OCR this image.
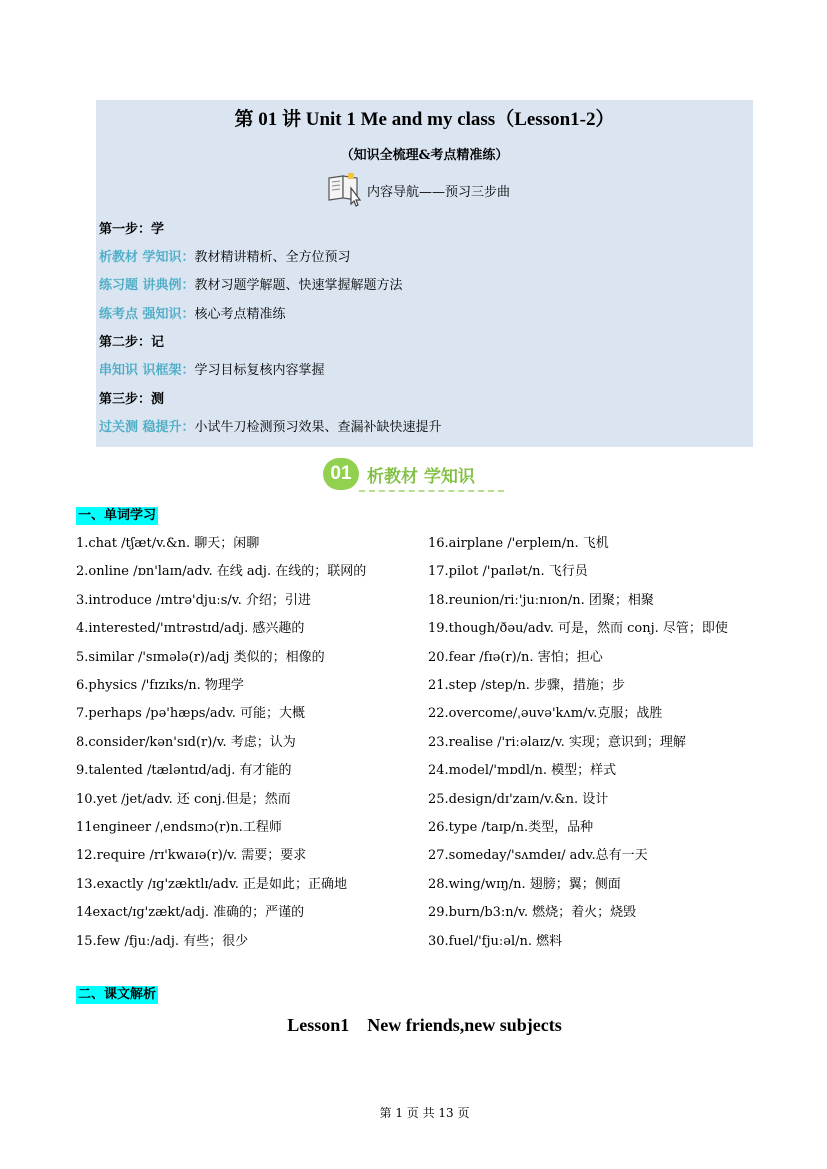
第 01 讲 Unit 1 Me and my class（Lesson1-2）
（知识全梳理&考点精准练）
内容导航——预习三步曲
第一步：学
析教材 学知识：教材精讲精析、全方位预习
练习题 讲典例：教材习题学解题、快速掌握解题方法
练考点 强知识：核心考点精准练
第二步：记
串知识 识框架：学习目标复核内容掌握
第三步：测
过关测 稳提升：小试牛刀检测预习效果、查漏补缺快速提升
01 析教材 学知识
一、单词学习
1.chat /tʃæt/v.&n. 聊天；闲聊
2.online /ɒn'laɪn/adv. 在线 adj. 在线的；联网的
3.introduce /ɪntrə'djuːs/v. 介绍；引进
4.interested/'ɪntrəstɪd/adj. 感兴趣的
5.similar /'sɪmələ(r)/adj 类似的；相像的
6.physics /'fɪzɪks/n. 物理学
7.perhaps /pə'hæps/adv. 可能；大概
8.consider/kən'sɪd(r)/v. 考虑；认为
9.talented /tæləntɪd/adj. 有才能的
10.yet /jet/adv. 还 conj.但是；然而
11engineer /ˌendsɪnɔ(r)n.工程师
12.require /rɪ'kwaɪə(r)/v. 需要；要求
13.exactly /ɪg'zæktlɪ/adv. 正是如此；正确地
14exact/ɪg'zækt/adj. 准确的；严谨的
15.few /fjuː/adj. 有些；很少
16.airplane /'erpleɪn/n. 飞机
17.pilot /'paɪlət/n. 飞行员
18.reunion/riː'juːnɪon/n. 团聚；相聚
19.though/ðəu/adv. 可是，然而 conj. 尽管；即使
20.fear /fɪə(r)/n. 害怕；担心
21.step /step/n. 步骤，措施；步
22.overcome/ˌəuvə'kʌm/v.克服；战胜
23.realise /'riːəlaɪz/v. 实现；意识到；理解
24.model/'mɒdl/n. 模型；样式
25.design/dɪ'zaɪn/v.&n. 设计
26.type /taɪp/n.类型，品种
27.someday/'sʌmdeɪ/ adv.总有一天
28.wing/wɪŋ/n. 翅膀；翼；侧面
29.burn/b3:n/v. 燃烧；着火；烧毁
30.fuel/'fjuːəl/n. 燃料
二、课文解析
Lesson1    New friends,new subjects
第 1 页 共 13 页
